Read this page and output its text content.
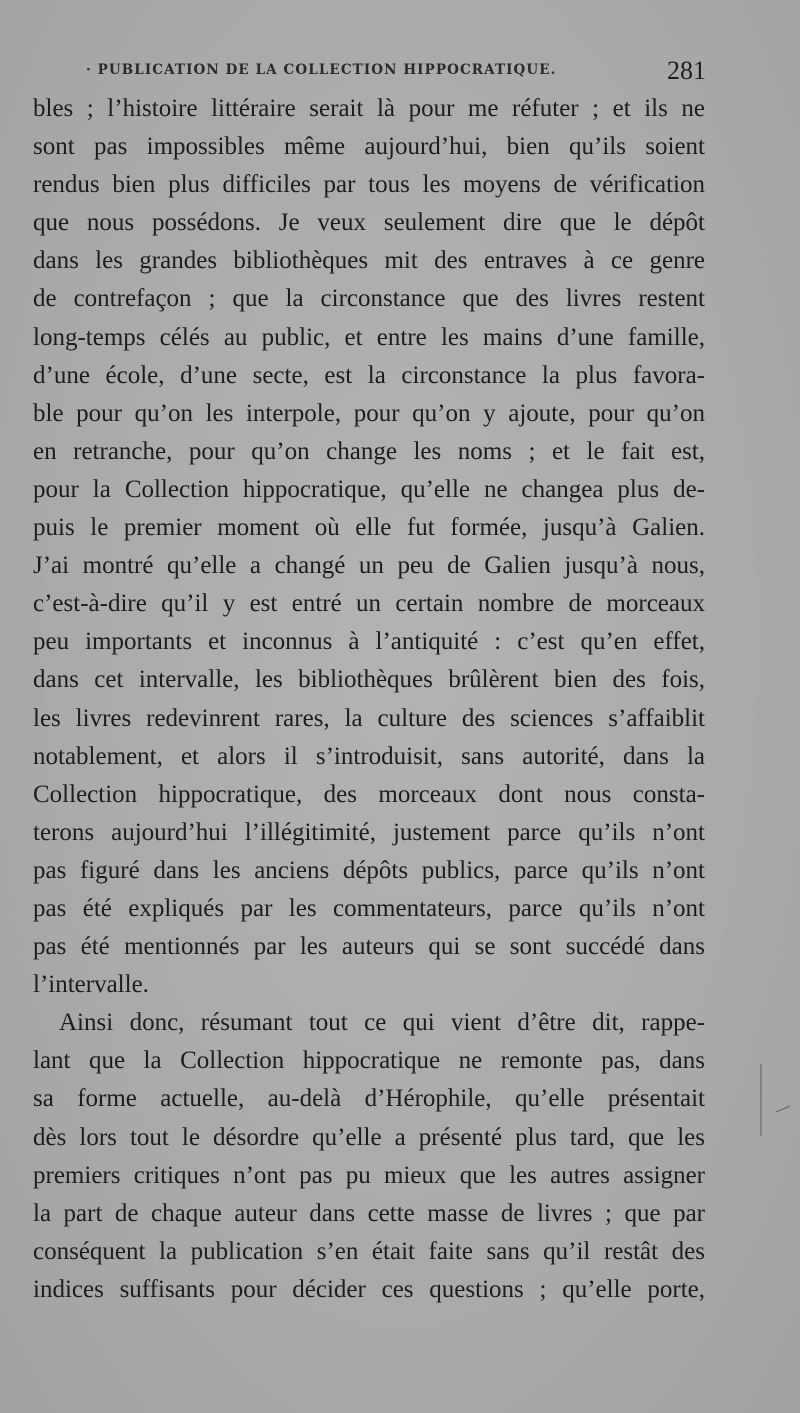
· PUBLICATION DE LA COLLECTION HIPPOCRATIQUE.	281
bles ; l’histoire littéraire serait là pour me réfuter ; et ils ne
sont pas impossibles même aujourd’hui, bien qu’ils soient
rendus bien plus difficiles par tous les moyens de vérification
que nous possédons. Je veux seulement dire que le dépôt
dans les grandes bibliothèques mit des entraves à ce genre
de contrefaçon ; que la circonstance que des livres restent
long-temps célés au public, et entre les mains d’une famille,
d’une école, d’une secte, est la circonstance la plus favora-
ble pour qu’on les interpole, pour qu’on y ajoute, pour qu’on
en retranche, pour qu’on change les noms ; et le fait est,
pour la Collection hippocratique, qu’elle ne changea plus de-
puis le premier moment où elle fut formée, jusqu’à Galien.
J’ai montré qu’elle a changé un peu de Galien jusqu’à nous,
c’est-à-dire qu’il y est entré un certain nombre de morceaux
peu importants et inconnus à l’antiquité : c’est qu’en effet,
dans cet intervalle, les bibliothèques brûlèrent bien des fois,
les livres redevinrent rares, la culture des sciences s’affaiblit
notablement, et alors il s’introduisit, sans autorité, dans la
Collection hippocratique, des morceaux dont nous consta-
terons aujourd’hui l’illégitimité, justement parce qu’ils n’ont
pas figuré dans les anciens dépôts publics, parce qu’ils n’ont
pas été expliqués par les commentateurs, parce qu’ils n’ont
pas été mentionnés par les auteurs qui se sont succédé dans
l’intervalle.
Ainsi donc, résumant tout ce qui vient d’être dit, rappe-
lant que la Collection hippocratique ne remonte pas, dans
sa forme actuelle, au-delà d’Hérophile, qu’elle présentait
dès lors tout le désordre qu’elle a présenté plus tard, que les
premiers critiques n’ont pas pu mieux que les autres assigner
la part de chaque auteur dans cette masse de livres ; que par
conséquent la publication s’en était faite sans qu’il restât des
indices suffisants pour décider ces questions ; qu’elle porte,
